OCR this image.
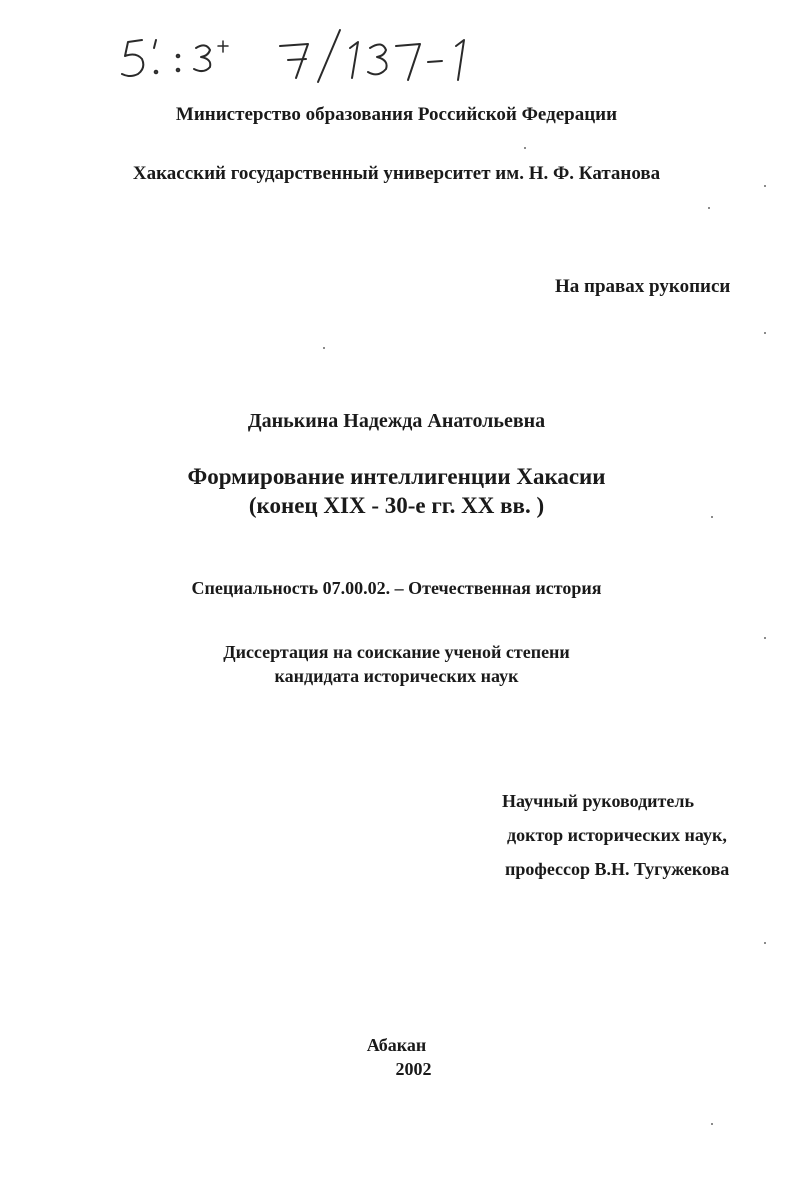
Министерство образования Российской Федерации
Хакасский государственный университет им. Н. Ф. Катанова
На правах рукописи
Данькина Надежда Анатольевна
Формирование интеллигенции Хакасии
(конец XIX - 30-е гг. XX вв. )
Специальность 07.00.02. – Отечественная история
Диссертация на соискание ученой степени
кандидата исторических наук
Научный руководитель
доктор исторических наук,
профессор В.Н. Тугужекова
Абакан
2002
